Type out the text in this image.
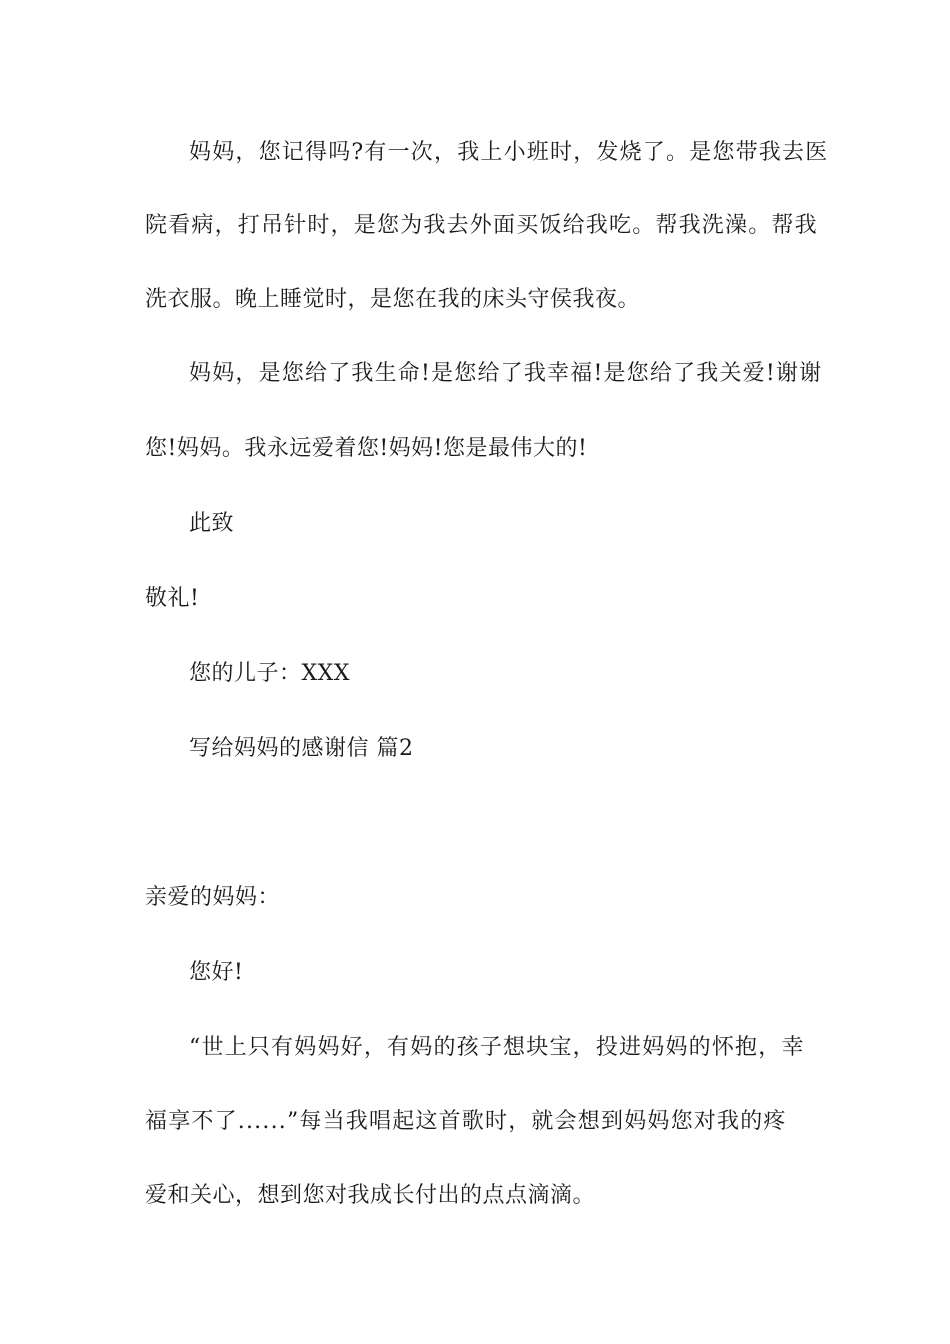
妈妈，您记得吗?有一次，我上小班时，发烧了。是您带我去医
院看病，打吊针时，是您为我去外面买饭给我吃。帮我洗澡。帮我
洗衣服。晚上睡觉时，是您在我的床头守侯我夜。
妈妈，是您给了我生命!是您给了我幸福!是您给了我关爱!谢谢
您!妈妈。我永远爱着您!妈妈!您是最伟大的!
此致
敬礼!
您的儿子：XXX
写给妈妈的感谢信 篇2
亲爱的妈妈：
您好!
“世上只有妈妈好，有妈的孩子想块宝，投进妈妈的怀抱，幸
福享不了......”每当我唱起这首歌时，就会想到妈妈您对我的疼
爱和关心，想到您对我成长付出的点点滴滴。
